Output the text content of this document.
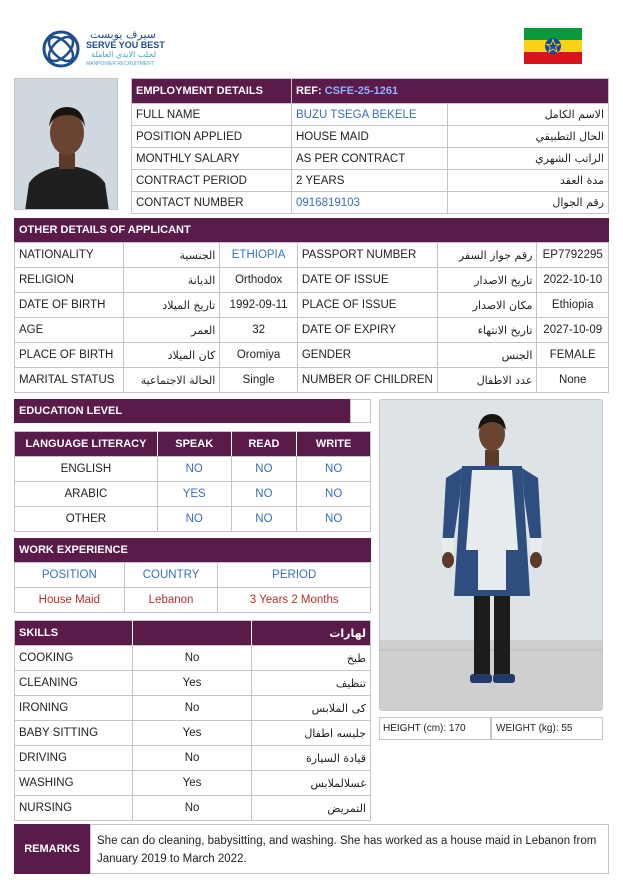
سيرف يوبست
SERVE YOU BEST
لجلب الايدي العاملة
MANPOWER RECRUITMENT
EMPLOYMENT DETAILS	REF: CSFE-25-1261	
FULL NAME	BUZU TSEGA BEKELE	الاسم الكامل
POSITION APPLIED	HOUSE MAID	الحال التطبيقي
MONTHLY SALARY	AS PER CONTRACT	الراتب الشهري
CONTRACT PERIOD	2 YEARS	مدة العقد
CONTACT NUMBER	0916819103	رقم الجوال
OTHER DETAILS OF APPLICANT
NATIONALITY	الجنسية	ETHIOPIA	PASSPORT NUMBER	رقم جواز السفر	EP7792295
RELIGION	الديانة	Orthodox	DATE OF ISSUE	تاريخ الاصدار	2022-10-10
DATE OF BIRTH	تاريخ الميلاد	1992-09-11	PLACE OF ISSUE	مكان الاصدار	Ethiopia
AGE	العمر	32	DATE OF EXPIRY	تاريخ الانتهاء	2027-10-09
PLACE OF BIRTH	كان الميلاد	Oromiya	GENDER	الجنس	FEMALE
MARITAL STATUS	الحالة الاجتماعية	Single	NUMBER OF CHILDREN	عدد الاطفال	None
EDUCATION LEVEL
LANGUAGE LITERACY	SPEAK	READ	WRITE
ENGLISH	NO	NO	NO
ARABIC	YES	NO	NO
OTHER	NO	NO	NO
WORK EXPERIENCE
POSITION	COUNTRY	PERIOD
House Maid	Lebanon	3 Years 2 Months
SKILLS		لهارات
COOKING	No	طبخ
CLEANING	Yes	تنظيف
IRONING	No	كى الملابس
BABY SITTING	Yes	جليسه اطفال
DRIVING	No	قيادة السيارة
WASHING	Yes	غسلالملابس
NURSING	No	التمريض
HEIGHT (cm): 170	WEIGHT (kg): 55
REMARKS
She can do cleaning, babysitting, and washing. She has worked as a house maid in Lebanon from January 2019 to March 2022.
